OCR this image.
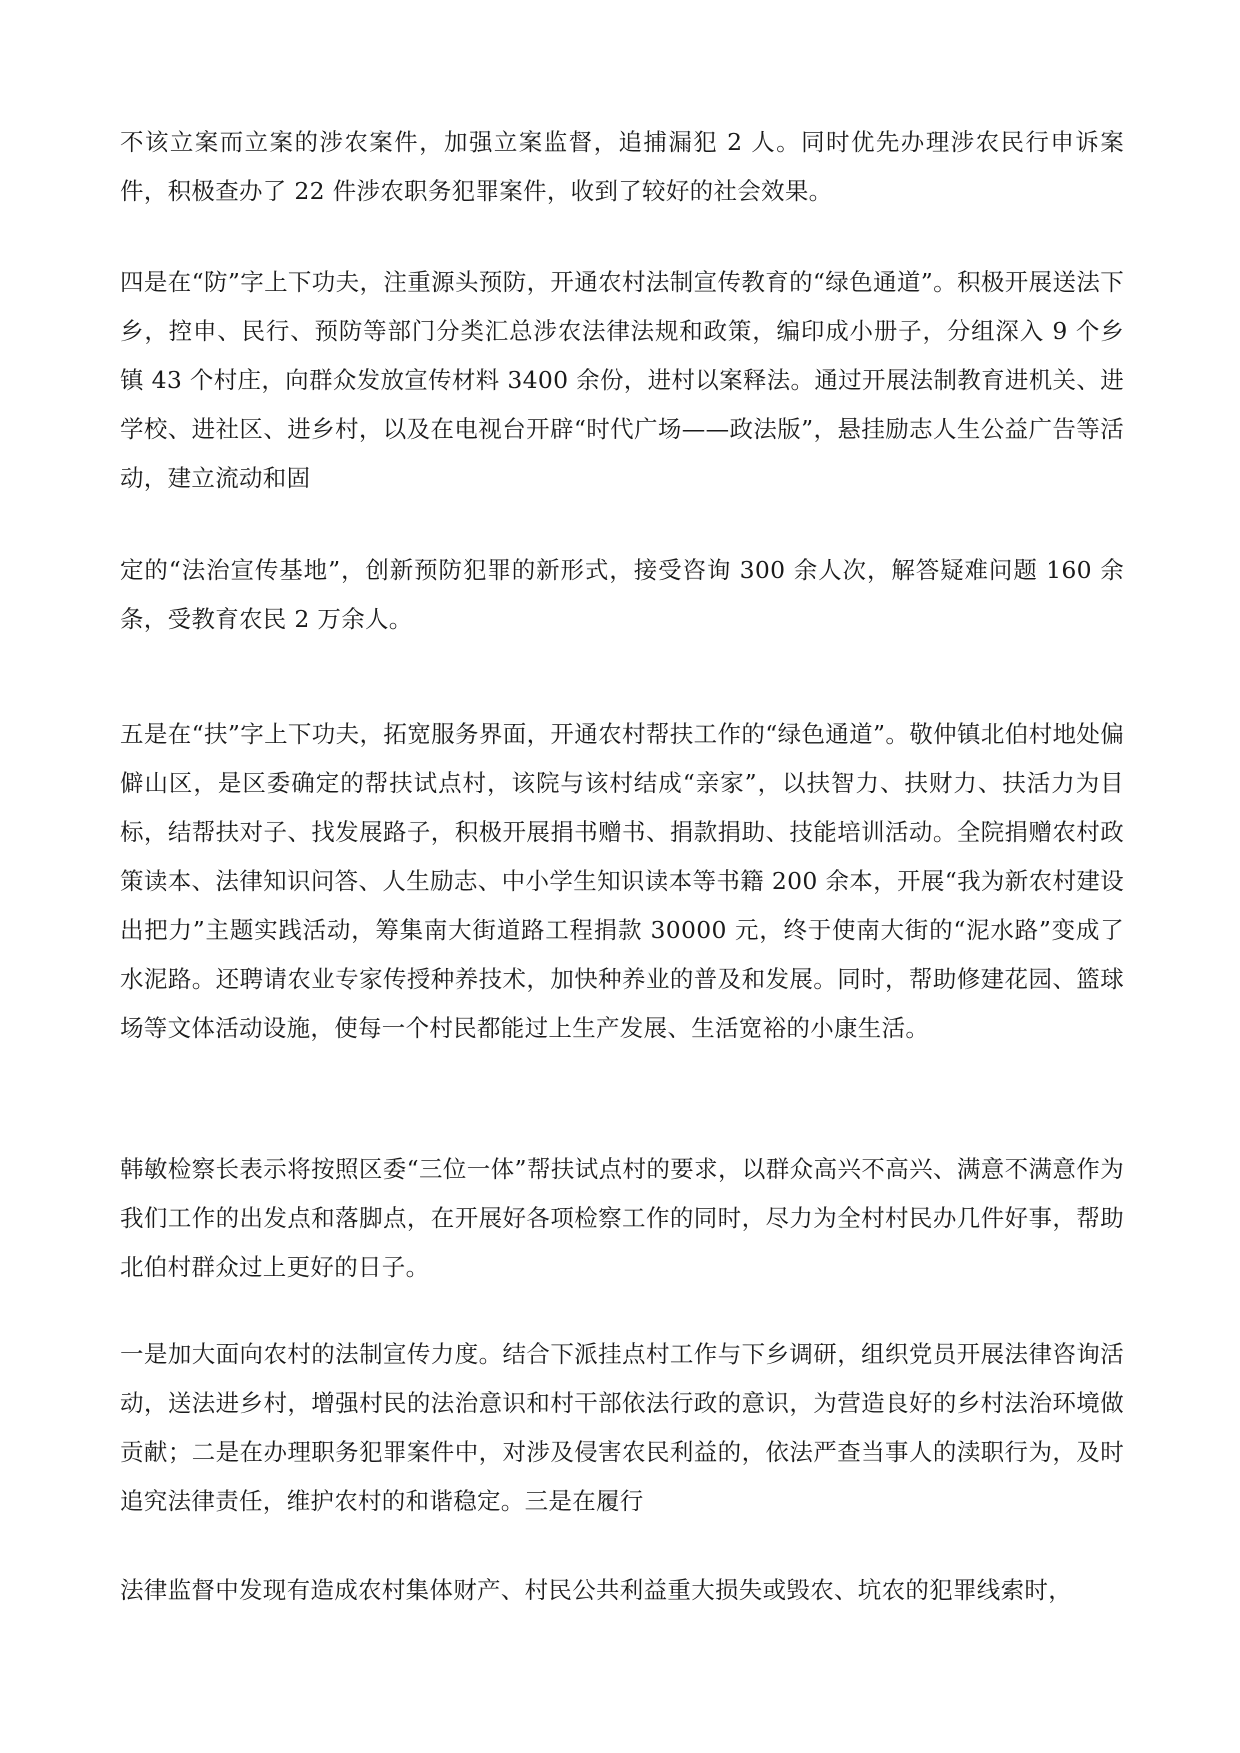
不该立案而立案的涉农案件，加强立案监督，追捕漏犯 2 人。同时优先办理涉农民行申诉案件，积极查办了 22 件涉农职务犯罪案件，收到了较好的社会效果。

四是在“防”字上下功夫，注重源头预防，开通农村法制宣传教育的“绿色通道”。积极开展送法下乡，控申、民行、预防等部门分类汇总涉农法律法规和政策，编印成小册子，分组深入 9 个乡镇 43 个村庄，向群众发放宣传材料 3400 余份，进村以案释法。通过开展法制教育进机关、进学校、进社区、进乡村，以及在电视台开辟“时代广场——政法版”，悬挂励志人生公益广告等活动，建立流动和固

定的“法治宣传基地”，创新预防犯罪的新形式，接受咨询 300 余人次，解答疑难问题 160 余条，受教育农民 2 万余人。

五是在“扶”字上下功夫，拓宽服务界面，开通农村帮扶工作的“绿色通道”。敬仲镇北伯村地处偏僻山区，是区委确定的帮扶试点村，该院与该村结成“亲家”，以扶智力、扶财力、扶活力为目标，结帮扶对子、找发展路子，积极开展捐书赠书、捐款捐助、技能培训活动。全院捐赠农村政策读本、法律知识问答、人生励志、中小学生知识读本等书籍 200 余本，开展“我为新农村建设出把力”主题实践活动，筹集南大街道路工程捐款 30000 元，终于使南大街的“泥水路”变成了水泥路。还聘请农业专家传授种养技术，加快种养业的普及和发展。同时，帮助修建花园、篮球场等文体活动设施，使每一个村民都能过上生产发展、生活宽裕的小康生活。

韩敏检察长表示将按照区委“三位一体”帮扶试点村的要求，以群众高兴不高兴、满意不满意作为我们工作的出发点和落脚点，在开展好各项检察工作的同时，尽力为全村村民办几件好事，帮助北伯村群众过上更好的日子。

一是加大面向农村的法制宣传力度。结合下派挂点村工作与下乡调研，组织党员开展法律咨询活动，送法进乡村，增强村民的法治意识和村干部依法行政的意识，为营造良好的乡村法治环境做贡献；二是在办理职务犯罪案件中，对涉及侵害农民利益的，依法严查当事人的渎职行为，及时追究法律责任，维护农村的和谐稳定。三是在履行

法律监督中发现有造成农村集体财产、村民公共利益重大损失或毁农、坑农的犯罪线索时，
